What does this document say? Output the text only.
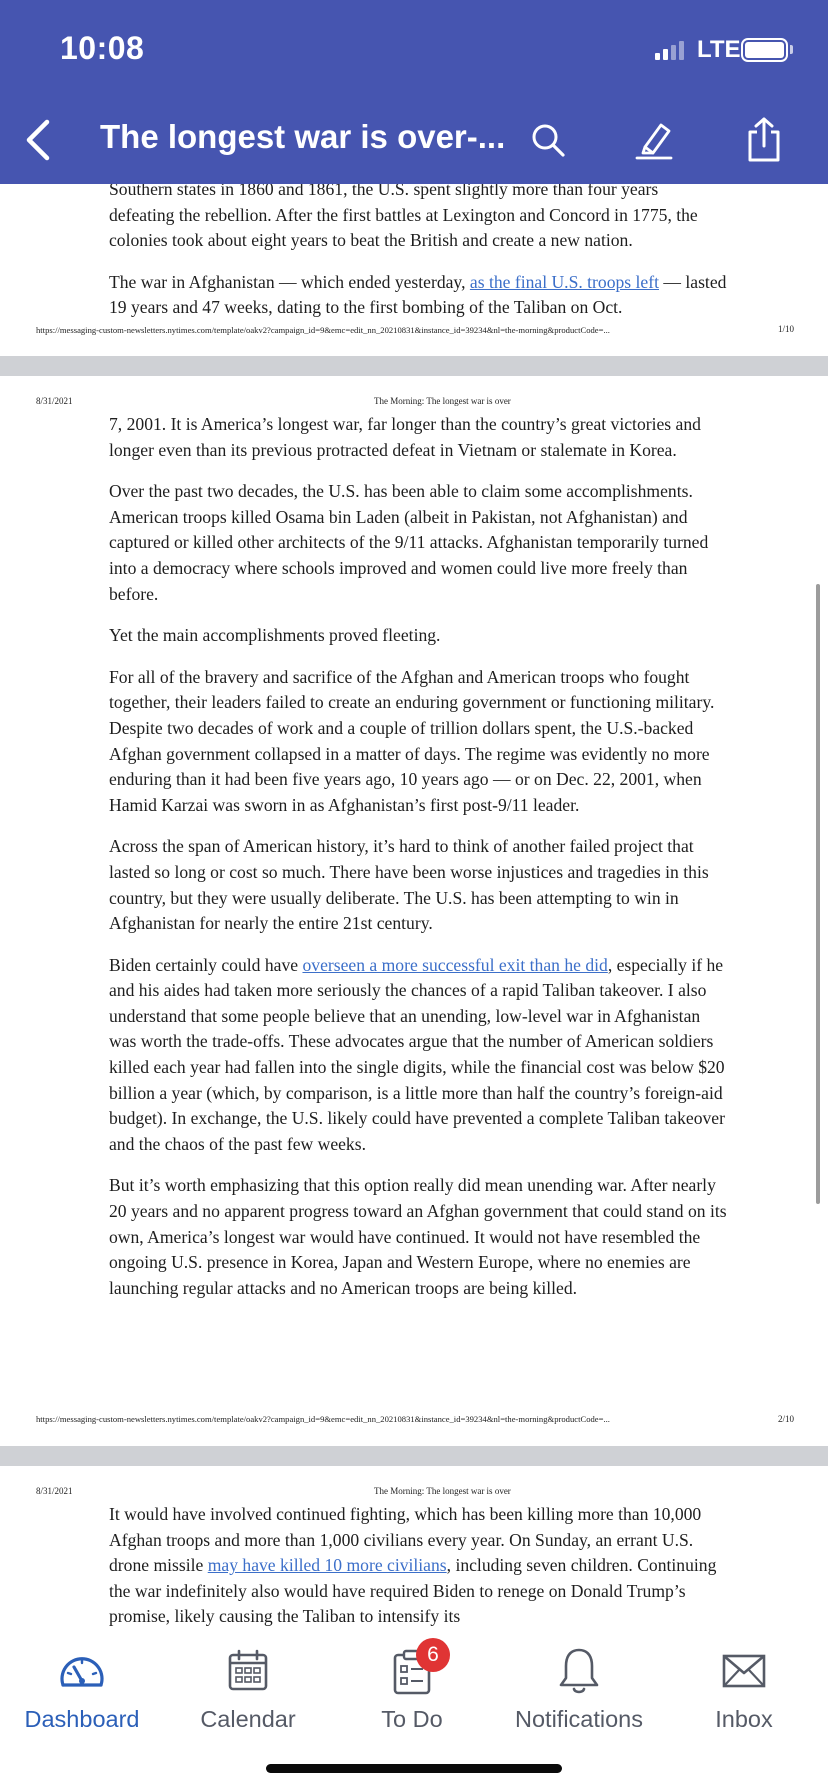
10:08	LTE
The longest war is over-...

Southern states in 1860 and 1861, the U.S. spent slightly more than four years defeating the rebellion. After the first battles at Lexington and Concord in 1775, the colonies took about eight years to beat the British and create a new nation.

The war in Afghanistan — which ended yesterday, as the final U.S. troops left — lasted 19 years and 47 weeks, dating to the first bombing of the Taliban on Oct.

https://messaging-custom-newsletters.nytimes.com/template/oakv2?campaign_id=9&emc=edit_nn_20210831&instance_id=39234&nl=the-morning&productCode=...	1/10
8/31/2021	The Morning: The longest war is over

7, 2001. It is America’s longest war, far longer than the country’s great victories and longer even than its previous protracted defeat in Vietnam or stalemate in Korea.

Over the past two decades, the U.S. has been able to claim some accomplishments. American troops killed Osama bin Laden (albeit in Pakistan, not Afghanistan) and captured or killed other architects of the 9/11 attacks. Afghanistan temporarily turned into a democracy where schools improved and women could live more freely than before.

Yet the main accomplishments proved fleeting.

For all of the bravery and sacrifice of the Afghan and American troops who fought together, their leaders failed to create an enduring government or functioning military. Despite two decades of work and a couple of trillion dollars spent, the U.S.-backed Afghan government collapsed in a matter of days. The regime was evidently no more enduring than it had been five years ago, 10 years ago — or on Dec. 22, 2001, when Hamid Karzai was sworn in as Afghanistan’s first post-9/11 leader.

Across the span of American history, it’s hard to think of another failed project that lasted so long or cost so much. There have been worse injustices and tragedies in this country, but they were usually deliberate. The U.S. has been attempting to win in Afghanistan for nearly the entire 21st century.

Biden certainly could have overseen a more successful exit than he did, especially if he and his aides had taken more seriously the chances of a rapid Taliban takeover. I also understand that some people believe that an unending, low-level war in Afghanistan was worth the trade-offs. These advocates argue that the number of American soldiers killed each year had fallen into the single digits, while the financial cost was below $20 billion a year (which, by comparison, is a little more than half the country’s foreign-aid budget). In exchange, the U.S. likely could have prevented a complete Taliban takeover and the chaos of the past few weeks.

But it’s worth emphasizing that this option really did mean unending war. After nearly 20 years and no apparent progress toward an Afghan government that could stand on its own, America’s longest war would have continued. It would not have resembled the ongoing U.S. presence in Korea, Japan and Western Europe, where no enemies are launching regular attacks and no American troops are being killed.

https://messaging-custom-newsletters.nytimes.com/template/oakv2?campaign_id=9&emc=edit_nn_20210831&instance_id=39234&nl=the-morning&productCode=...	2/10
8/31/2021	The Morning: The longest war is over

It would have involved continued fighting, which has been killing more than 10,000 Afghan troops and more than 1,000 civilians every year. On Sunday, an errant U.S. drone missile may have killed 10 more civilians, including seven children. Continuing the war indefinitely also would have required Biden to renege on Donald Trump’s promise, likely causing the Taliban to intensify its

Dashboard	Calendar
6
To Do	Notifications	Inbox
